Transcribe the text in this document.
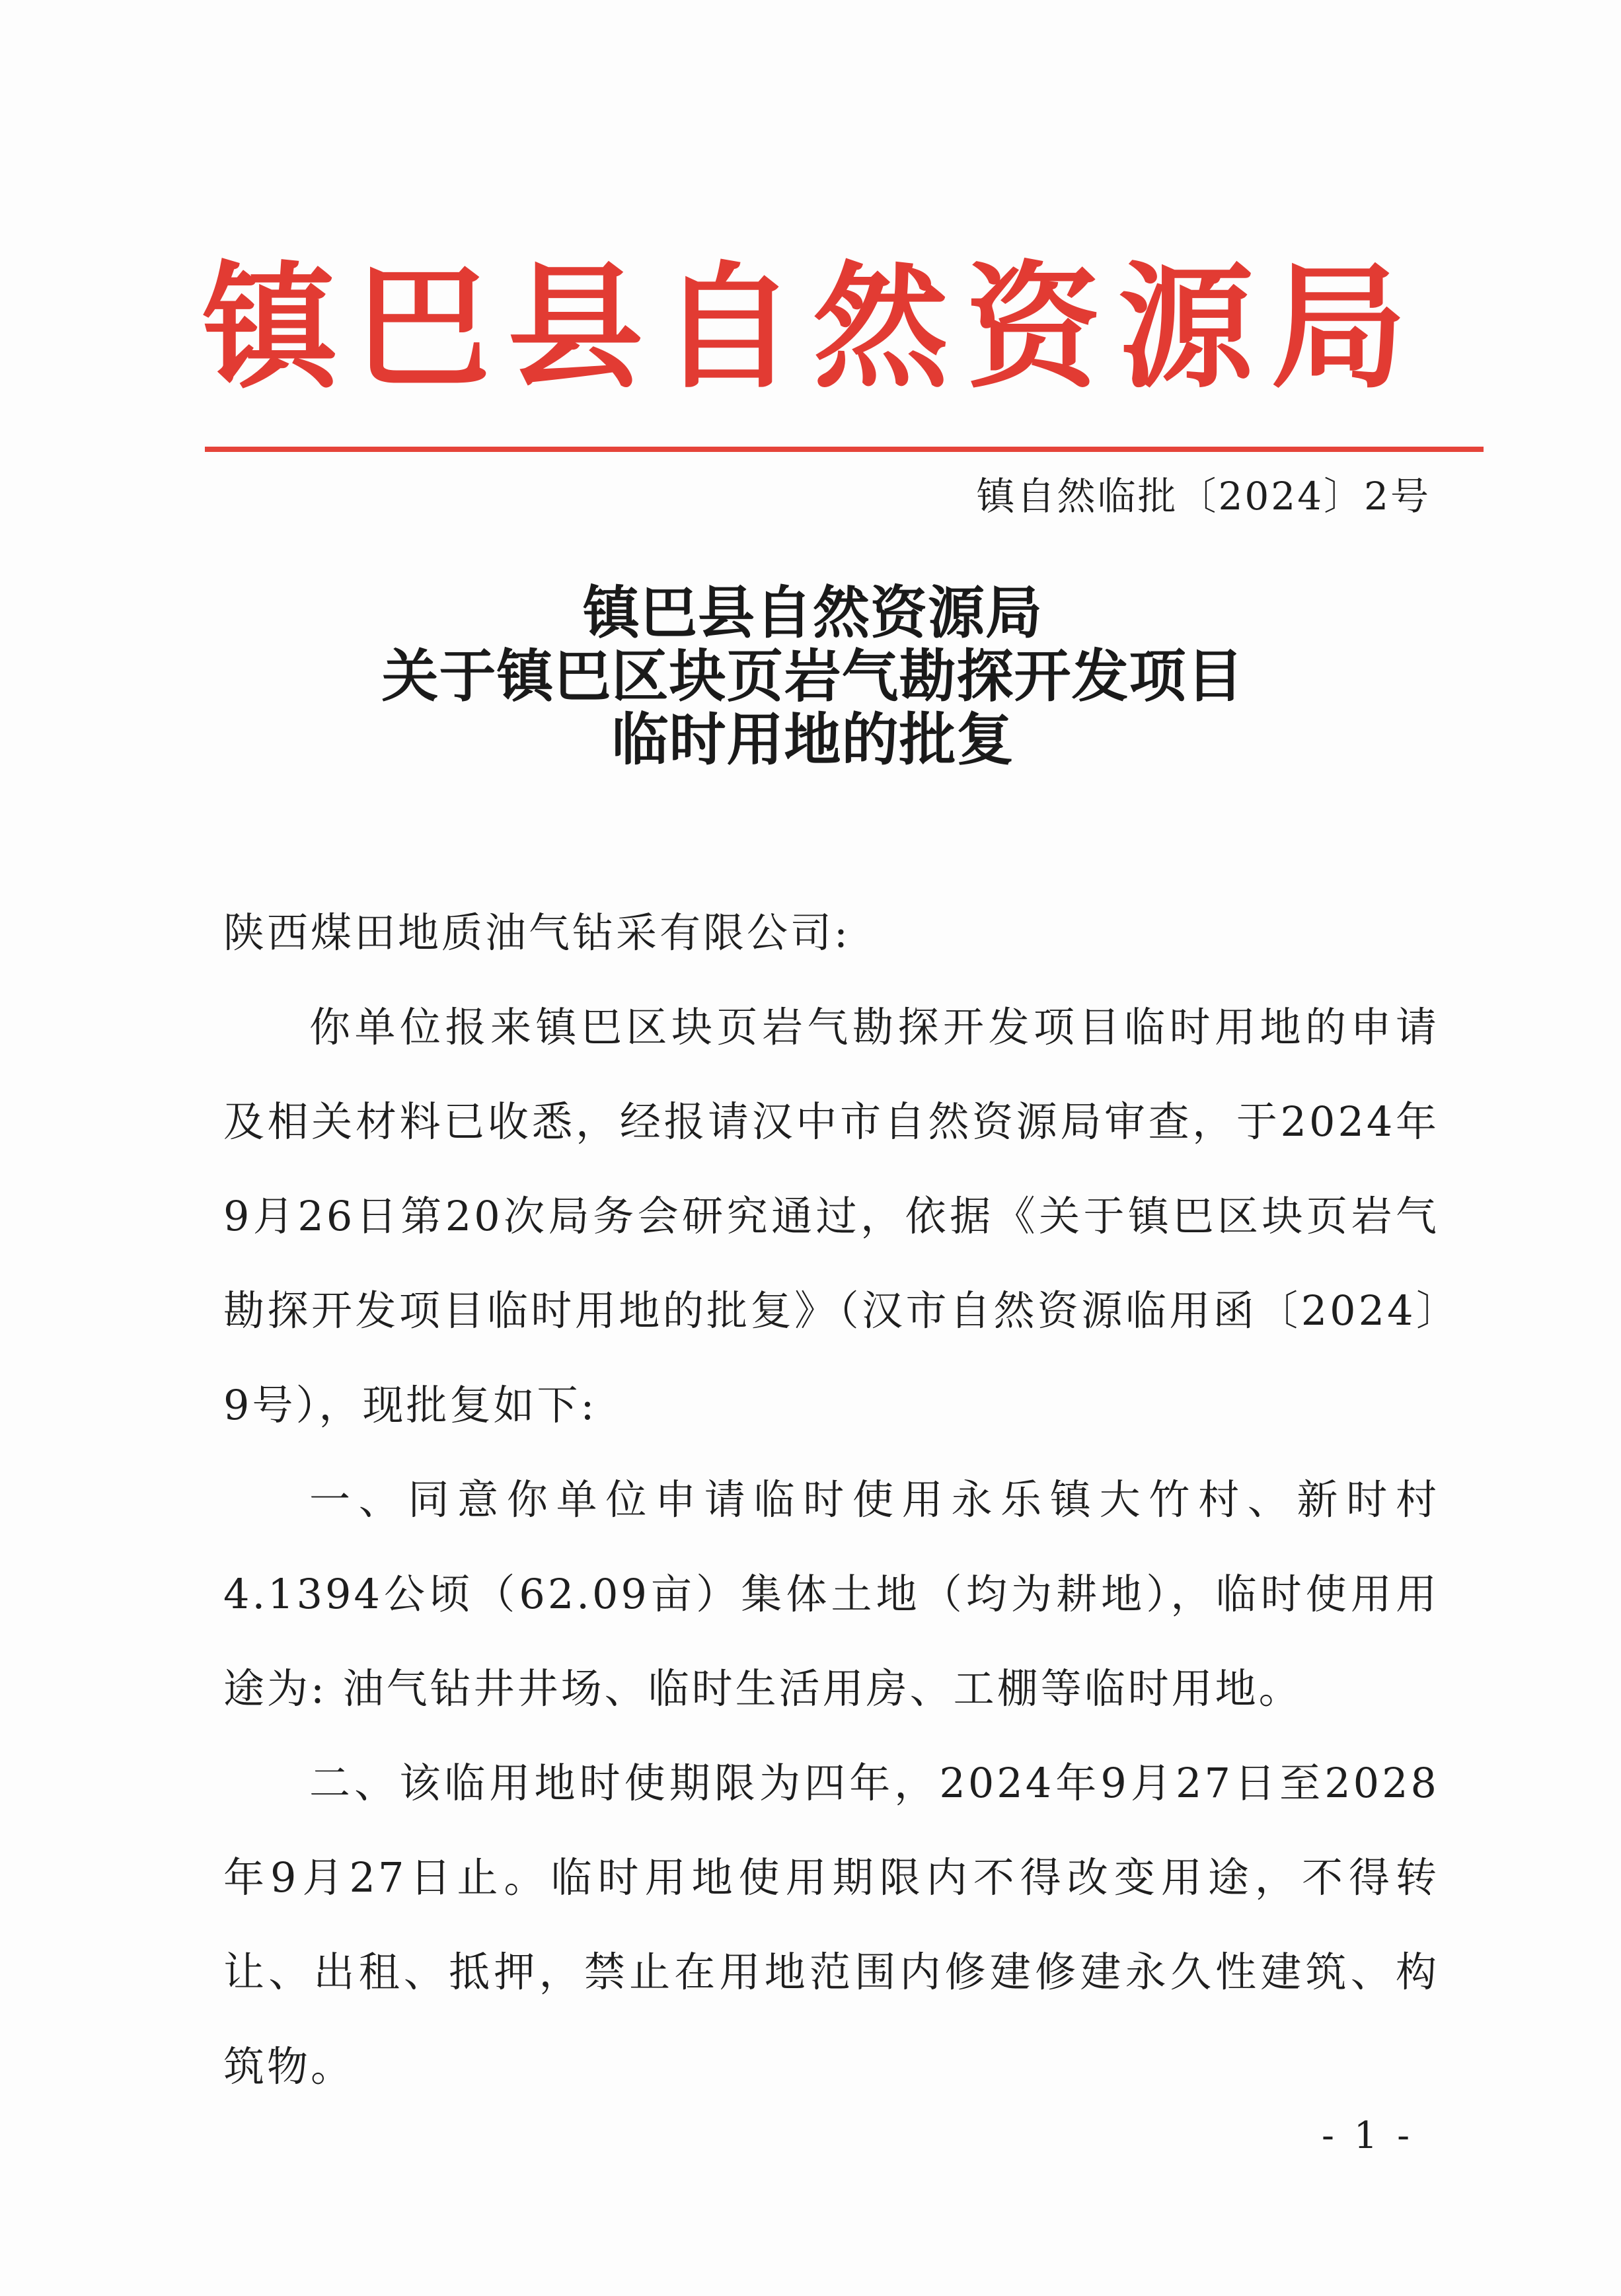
镇巴县自然资源局
镇自然临批〔2024〕2号
镇巴县自然资源局
关于镇巴区块页岩气勘探开发项目
临时用地的批复
陕西煤田地质油气钻采有限公司:
你单位报来镇巴区块页岩气勘探开发项目临时用地的申请及相关材料已收悉，经报请汉中市自然资源局审查，于2024年9月26日第20次局务会研究通过，依据《关于镇巴区块页岩气勘探开发项目临时用地的批复》（汉市自然资源临用函〔2024〕9号），现批复如下:
一、同意你单位申请临时使用永乐镇大竹村、新时村4.1394公顷（62.09亩）集体土地（均为耕地），临时使用用途为: 油气钻井井场、临时生活用房、工棚等临时用地。
二、该临用地时使期限为四年，2024年9月27日至2028年9月27日止。临时用地使用期限内不得改变用途，不得转让、出租、抵押，禁止在用地范围内修建修建永久性建筑、构筑物。
- 1 -
